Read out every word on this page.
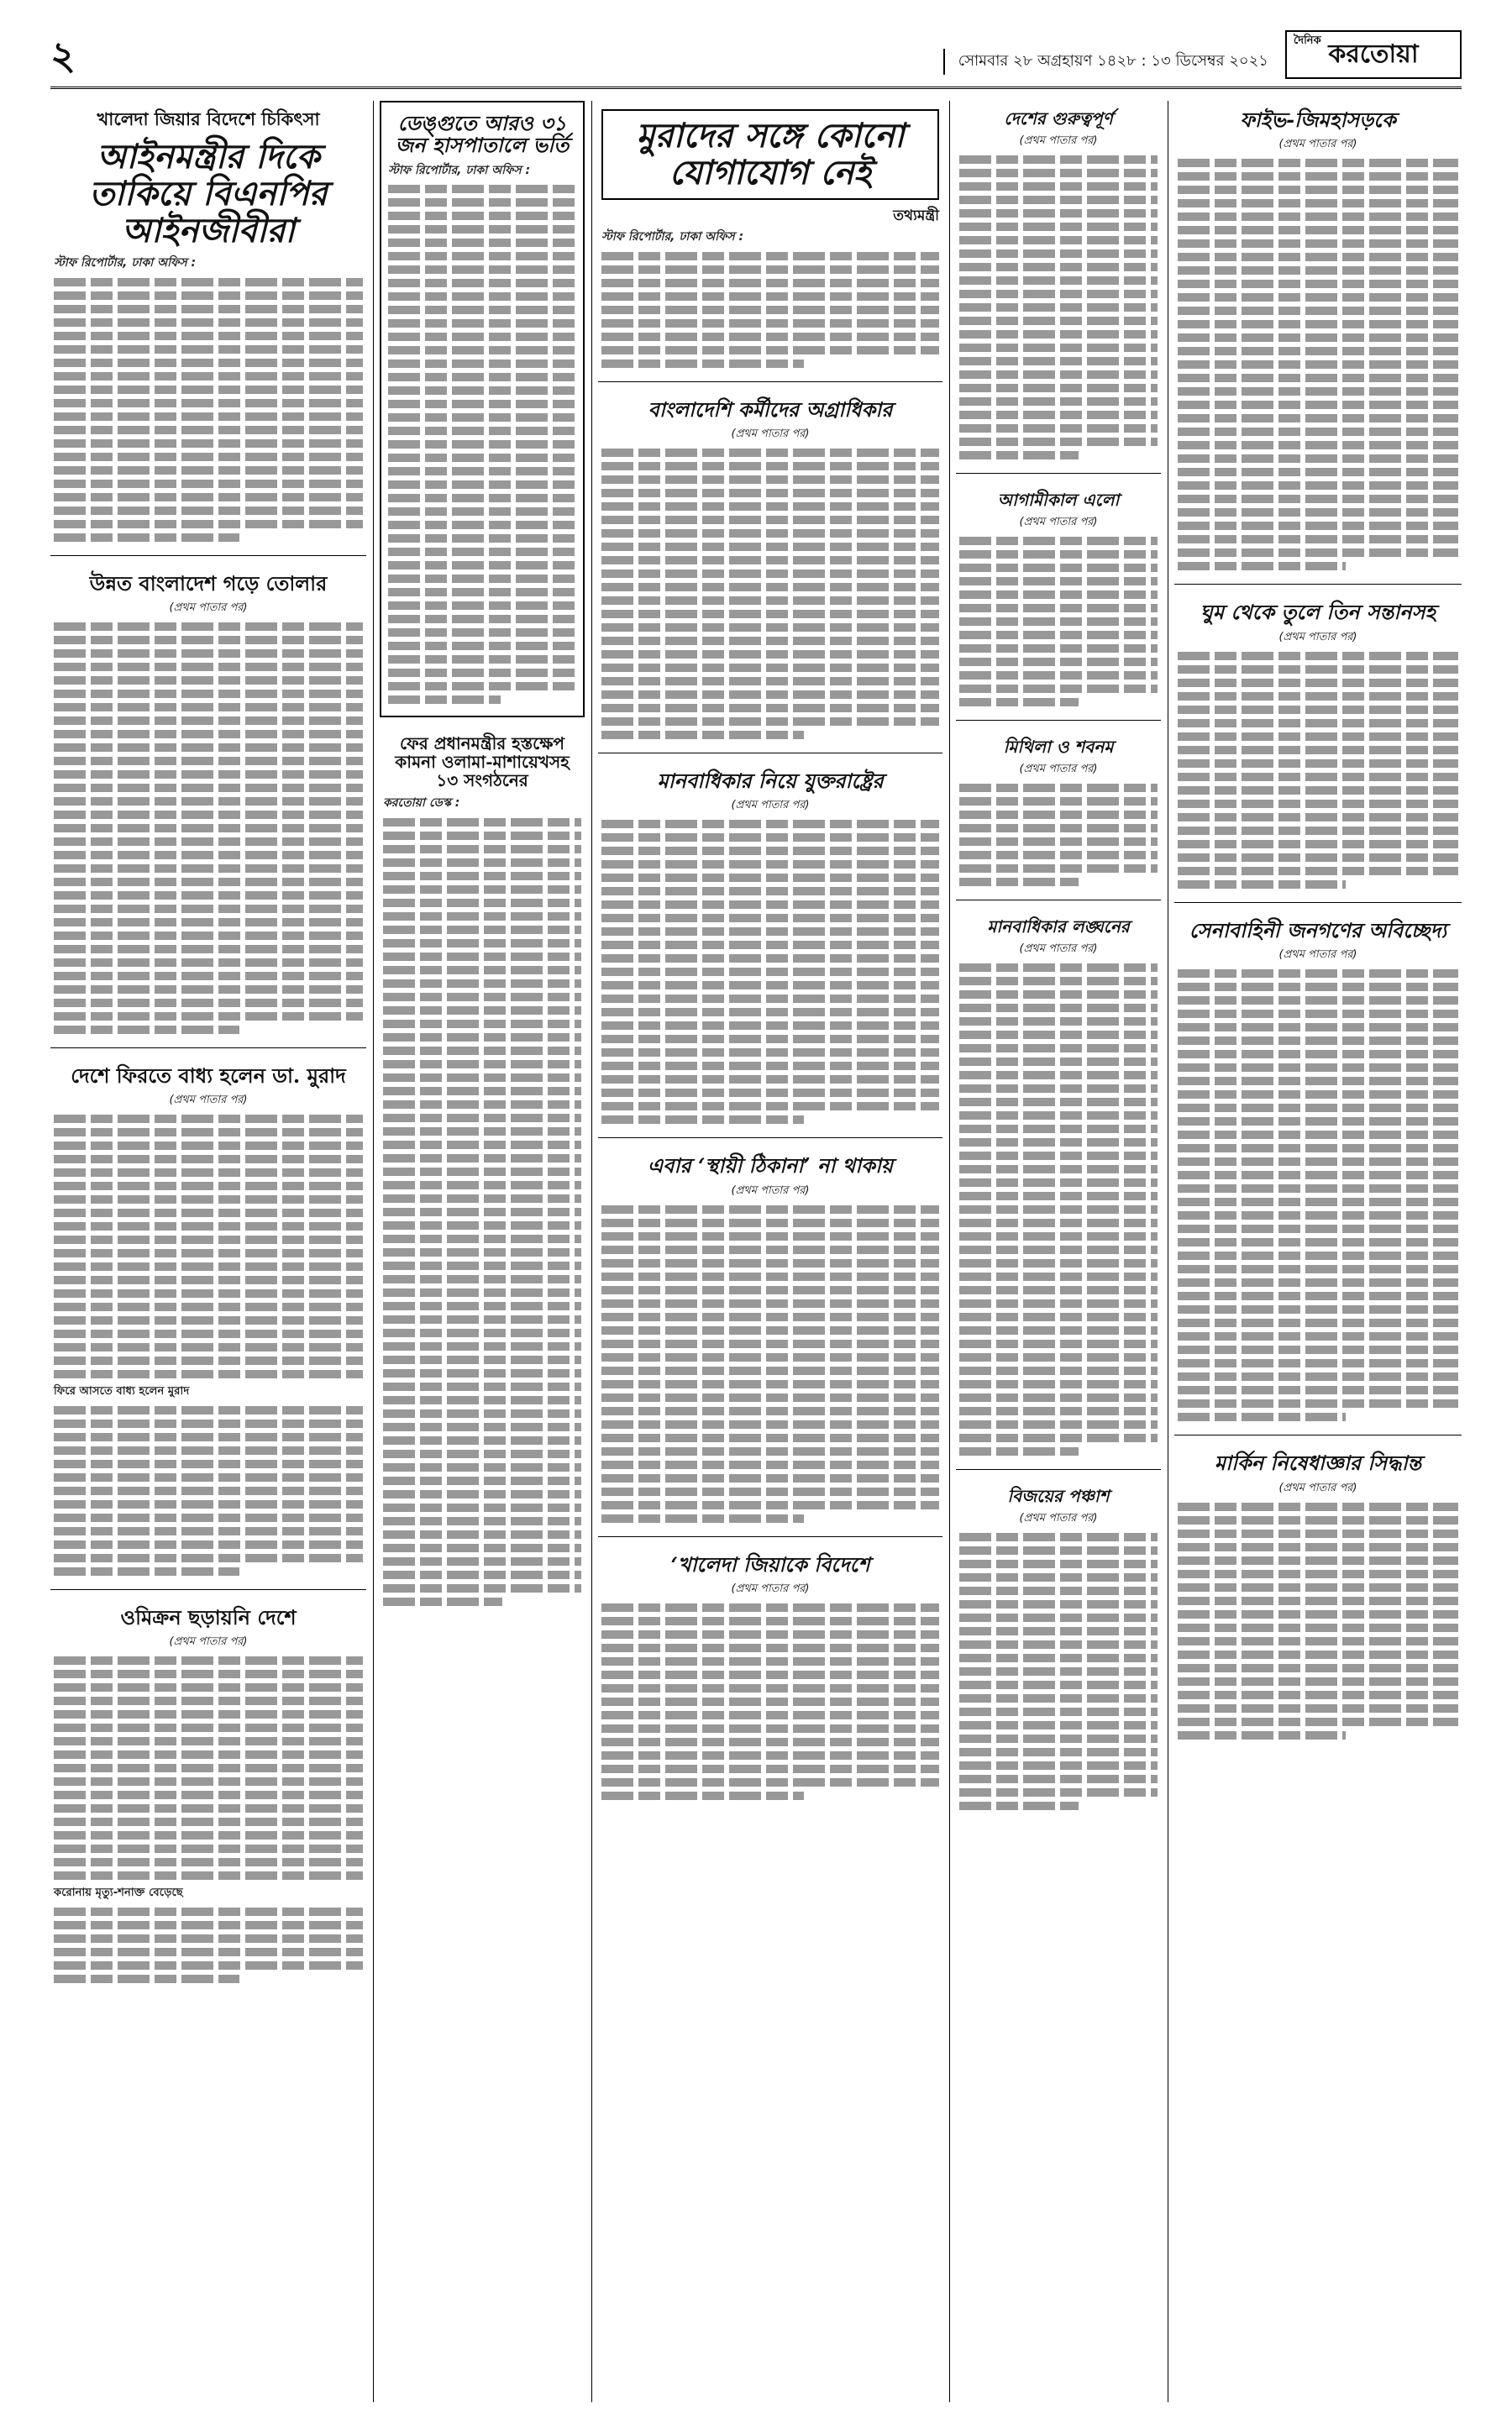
২	সোমবার ২৮ অগ্রহায়ণ ১৪২৮ : ১৩ ডিসেম্বর ২০২১
দৈনিক করতোয়া
খালেদা জিয়ার বিদেশে চিকিৎসা
আইনমন্ত্রীর দিকে তাকিয়ে বিএনপির আইনজীবীরা
স্টাফ রিপোর্টার, ঢাকা অফিস :
উন্নত বাংলাদেশ গড়ে তোলার
(প্রথম পাতার পর)
দেশে ফিরতে বাধ্য হলেন ডা. মুরাদ
(প্রথম পাতার পর)
ফিরে আসতে বাধ্য হলেন মুরাদ
ওমিক্রন ছড়ায়নি দেশে
(প্রথম পাতার পর)
করোনায় মৃত্যু-শনাক্ত বেড়েছে
ডেঙ্গুতে আরও ৩১ জন হাসপাতালে ভর্তি
স্টাফ রিপোর্টার, ঢাকা অফিস :
ফের প্রধানমন্ত্রীর হস্তক্ষেপ কামনা ওলামা-মাশায়েখসহ ১৩ সংগঠনের
করতোয়া ডেস্ক :
মুরাদের সঙ্গে কোনো যোগাযোগ নেই
তথ্যমন্ত্রী
স্টাফ রিপোর্টার, ঢাকা অফিস :
বাংলাদেশি কর্মীদের অগ্রাধিকার
(প্রথম পাতার পর)
মানবাধিকার নিয়ে যুক্তরাষ্ট্রের
(প্রথম পাতার পর)
এবার ‘স্থায়ী ঠিকানা’ না থাকায়
(প্রথম পাতার পর)
‘খালেদা জিয়াকে বিদেশে
(প্রথম পাতার পর)
দেশের গুরুত্বপূর্ণ
(প্রথম পাতার পর)
আগামীকাল এলো
(প্রথম পাতার পর)
মিথিলা ও শবনম
(প্রথম পাতার পর)
মানবাধিকার লঙ্ঘনের
(প্রথম পাতার পর)
বিজয়ের পঞ্চাশ
(প্রথম পাতার পর)
ফাইভ-জিমহাসড়কে
(প্রথম পাতার পর)
ঘুম থেকে তুলে তিন সন্তানসহ
(প্রথম পাতার পর)
সেনাবাহিনী জনগণের অবিচ্ছেদ্য
(প্রথম পাতার পর)
মার্কিন নিষেধাজ্ঞার সিদ্ধান্ত
(প্রথম পাতার পর)
